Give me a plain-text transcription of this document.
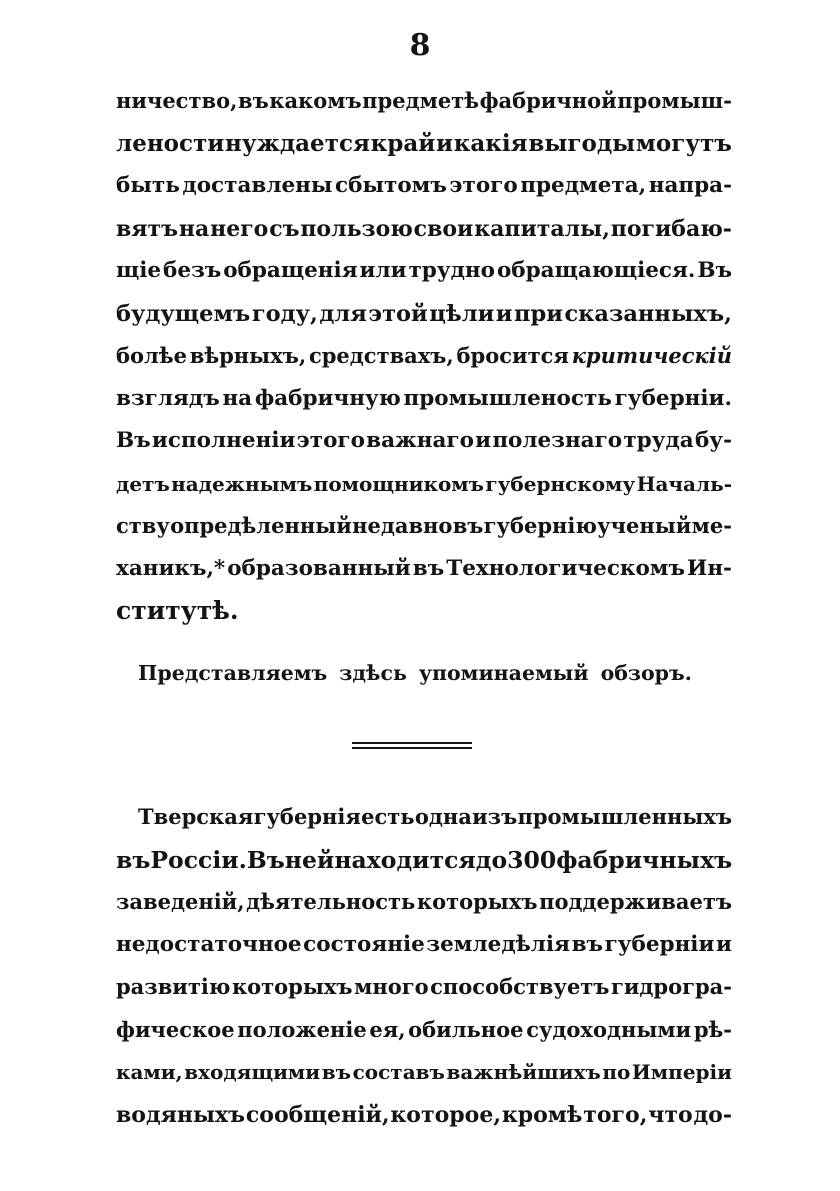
8
ничество, въ какомъ предметѣ фабричной промыш-
лености нуждается край и какія выгоды могутъ
быть доставлены сбытомъ этого предмета, напра-
вятъ на него съ пользою свои капиталы, погибаю-
щіе безъ обращенія или трудно обращающіеся. Въ
будущемъ году, для этой цѣли и при сказанныхъ,
болѣе вѣрныхъ, средствахъ, бросится критическій
взглядъ на фабричную промышленость губерніи.
Въ исполненіи этого важнаго и полезнаго труда бу-
детъ надежнымъ помощникомъ губернскому Началь-
ству опредѣленный недавно въ губернію ученый ме-
ханикъ,* образованный въ Технологическомъ Ин-
ститутѣ.
Представляемъ здѣсь упоминаемый обзоръ.
Тверская губернія есть одна изъ промышленныхъ
въ Россіи. Въ ней находится до 300 фабричныхъ
заведеній, дѣятельность которыхъ поддерживаетъ
недостаточное состояніе земледѣлія въ губерніи и
развитію которыхъ много способствуетъ гидрогра-
фическое положеніе ея, обильное судоходными рѣ-
ками, входящими въ составъ важнѣйшихъ по Имперіи
водяныхъ сообщеній, которое, кромѣ того, что до-
